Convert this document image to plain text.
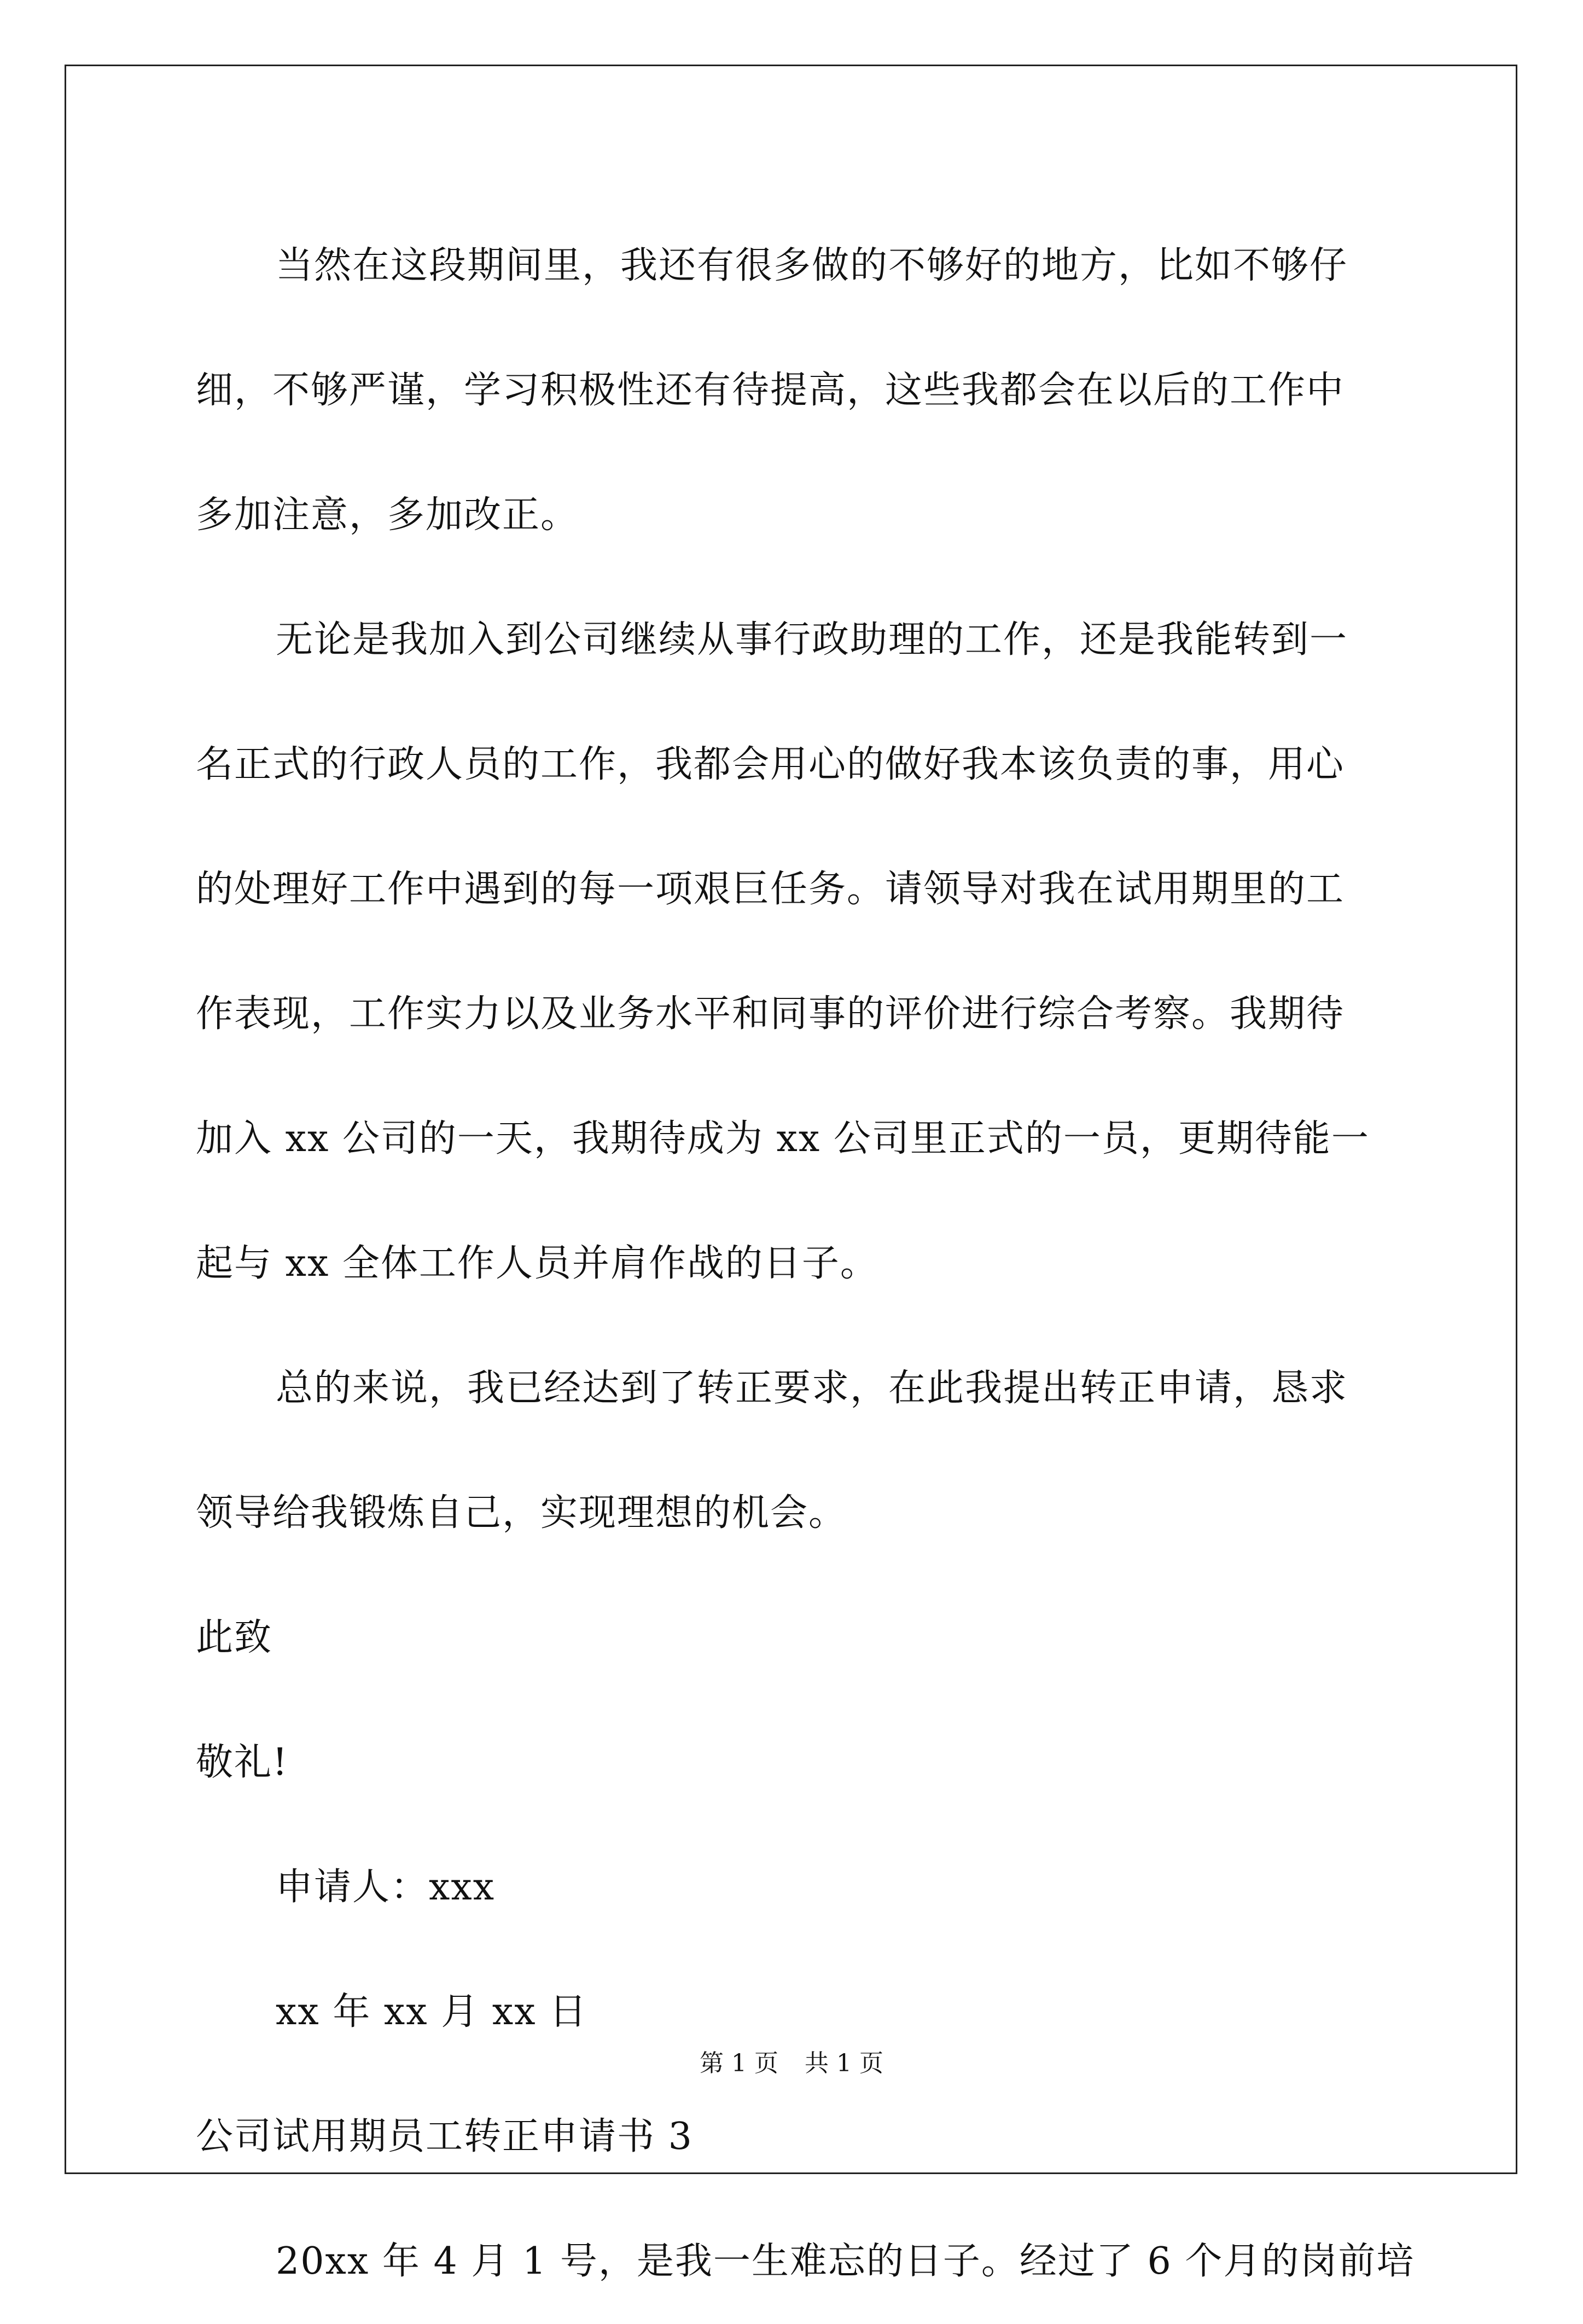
当然在这段期间里，我还有很多做的不够好的地方，比如不够仔
细，不够严谨，学习积极性还有待提高，这些我都会在以后的工作中
多加注意，多加改正。
无论是我加入到公司继续从事行政助理的工作，还是我能转到一
名正式的行政人员的工作，我都会用心的做好我本该负责的事，用心
的处理好工作中遇到的每一项艰巨任务。请领导对我在试用期里的工
作表现，工作实力以及业务水平和同事的评价进行综合考察。我期待
加入 xx 公司的一天，我期待成为 xx 公司里正式的一员，更期待能一
起与 xx 全体工作人员并肩作战的日子。
总的来说，我已经达到了转正要求，在此我提出转正申请，恳求
领导给我锻炼自己，实现理想的机会。
此致
敬礼!
申请人：xxx
xx 年 xx 月 xx 日
公司试用期员工转正申请书 3
20xx 年 4 月 1 号，是我一生难忘的日子。经过了 6 个月的岗前培
第 1 页 共 1 页
